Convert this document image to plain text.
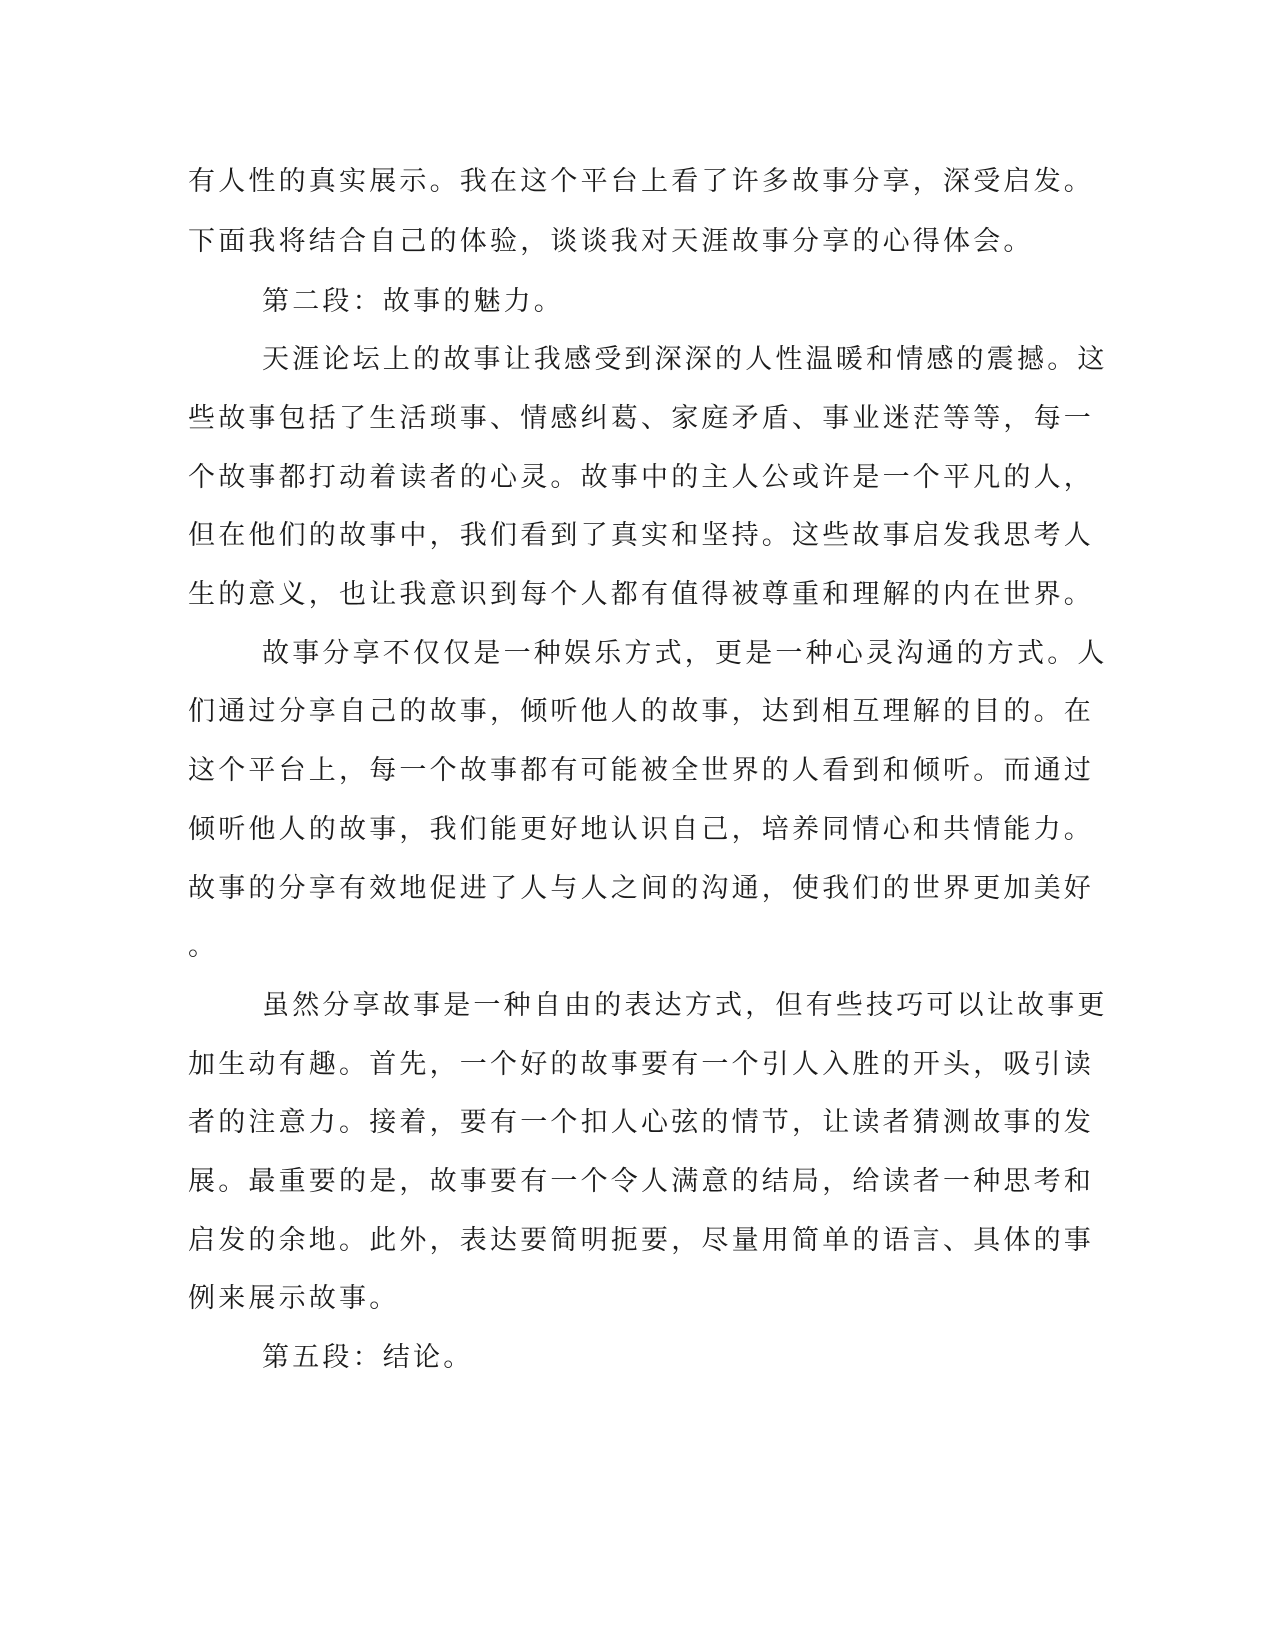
有人性的真实展示。我在这个平台上看了许多故事分享，深受启发。
下面我将结合自己的体验，谈谈我对天涯故事分享的心得体会。
第二段：故事的魅力。
天涯论坛上的故事让我感受到深深的人性温暖和情感的震撼。这
些故事包括了生活琐事、情感纠葛、家庭矛盾、事业迷茫等等，每一
个故事都打动着读者的心灵。故事中的主人公或许是一个平凡的人，
但在他们的故事中，我们看到了真实和坚持。这些故事启发我思考人
生的意义，也让我意识到每个人都有值得被尊重和理解的内在世界。
故事分享不仅仅是一种娱乐方式，更是一种心灵沟通的方式。人
们通过分享自己的故事，倾听他人的故事，达到相互理解的目的。在
这个平台上，每一个故事都有可能被全世界的人看到和倾听。而通过
倾听他人的故事，我们能更好地认识自己，培养同情心和共情能力。
故事的分享有效地促进了人与人之间的沟通，使我们的世界更加美好
。
虽然分享故事是一种自由的表达方式，但有些技巧可以让故事更
加生动有趣。首先，一个好的故事要有一个引人入胜的开头，吸引读
者的注意力。接着，要有一个扣人心弦的情节，让读者猜测故事的发
展。最重要的是，故事要有一个令人满意的结局，给读者一种思考和
启发的余地。此外，表达要简明扼要，尽量用简单的语言、具体的事
例来展示故事。
第五段：结论。
